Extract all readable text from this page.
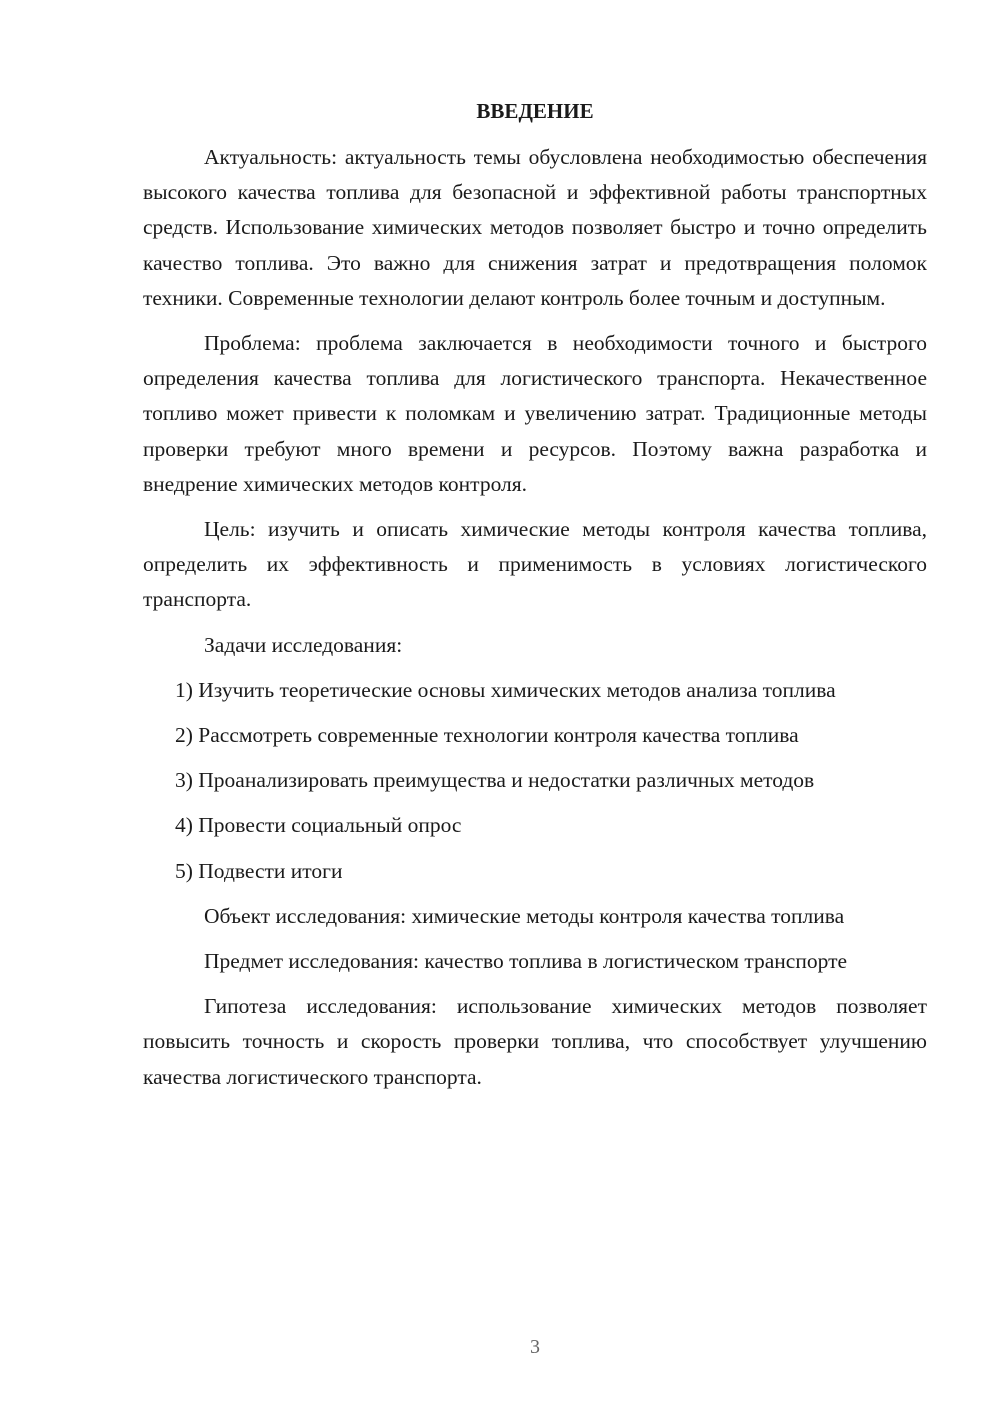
ВВЕДЕНИЕ

Актуальность: актуальность темы обусловлена необходимостью обеспечения высокого качества топлива для безопасной и эффективной работы транспортных средств. Использование химических методов позволяет быстро и точно определить качество топлива. Это важно для снижения затрат и предотвращения поломок техники. Современные технологии делают контроль более точным и доступным.

Проблема: проблема заключается в необходимости точного и быстрого определения качества топлива для логистического транспорта. Некачественное топливо может привести к поломкам и увеличению затрат. Традиционные методы проверки требуют много времени и ресурсов. Поэтому важна разработка и внедрение химических методов контроля.

Цель: изучить и описать химические методы контроля качества топлива, определить их эффективность и применимость в условиях логистического транспорта.

Задачи исследования:

1) Изучить теоретические основы химических методов анализа топлива

2) Рассмотреть современные технологии контроля качества топлива

3) Проанализировать преимущества и недостатки различных методов

4) Провести социальный опрос

5) Подвести итоги

Объект исследования: химические методы контроля качества топлива

Предмет исследования: качество топлива в логистическом транспорте

Гипотеза исследования: использование химических методов позволяет повысить точность и скорость проверки топлива, что способствует улучшению качества логистического транспорта.

3
